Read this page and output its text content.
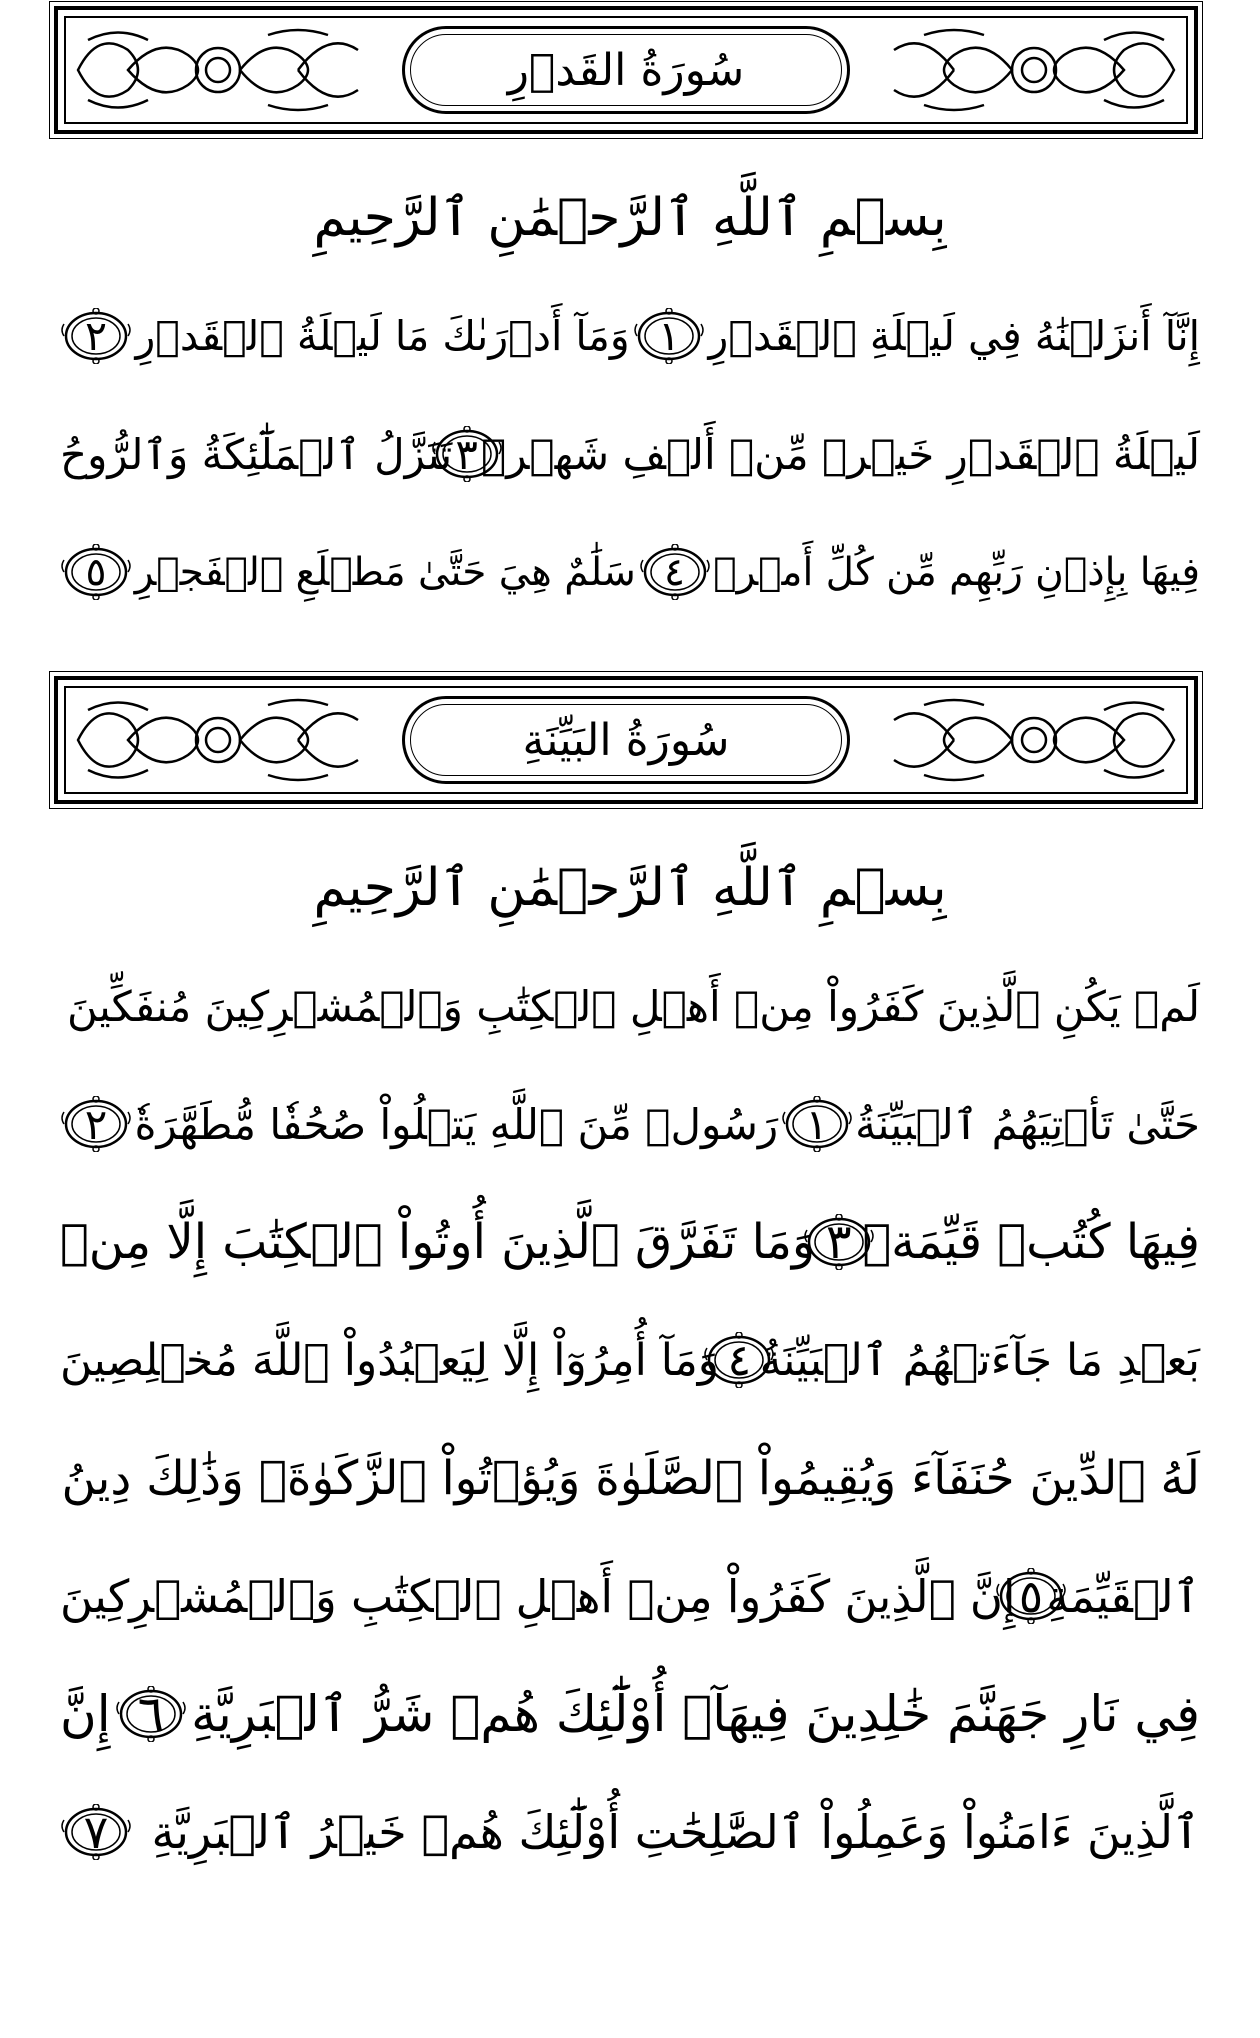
سُورَةُ القَدۡرِ
بِسۡمِ ٱللَّهِ ٱلرَّحۡمَٰنِ ٱلرَّحِيمِ
إِنَّآ أَنزَلۡنَٰهُ فِي لَيۡلَةِ ٱلۡقَدۡرِ
١
وَمَآ أَدۡرَىٰكَ مَا لَيۡلَةُ ٱلۡقَدۡرِ
٢
لَيۡلَةُ ٱلۡقَدۡرِ خَيۡرٞ مِّنۡ أَلۡفِ شَهۡرٖ
٣
تَنَزَّلُ ٱلۡمَلَٰٓئِكَةُ وَٱلرُّوحُ
فِيهَا بِإِذۡنِ رَبِّهِم مِّن كُلِّ أَمۡرٖ
٤
سَلَٰمٌ هِيَ حَتَّىٰ مَطۡلَعِ ٱلۡفَجۡرِ
٥
سُورَةُ البَيِّنَةِ
بِسۡمِ ٱللَّهِ ٱلرَّحۡمَٰنِ ٱلرَّحِيمِ
لَمۡ يَكُنِ ٱلَّذِينَ كَفَرُواْ مِنۡ أَهۡلِ ٱلۡكِتَٰبِ وَٱلۡمُشۡرِكِينَ مُنفَكِّينَ
حَتَّىٰ تَأۡتِيَهُمُ ٱلۡبَيِّنَةُ
١
رَسُولٞ مِّنَ ٱللَّهِ يَتۡلُواْ صُحُفٗا مُّطَهَّرَةٗ
٢
فِيهَا كُتُبٞ قَيِّمَةٞ
٣
وَمَا تَفَرَّقَ ٱلَّذِينَ أُوتُواْ ٱلۡكِتَٰبَ إِلَّا مِنۢ
بَعۡدِ مَا جَآءَتۡهُمُ ٱلۡبَيِّنَةُ
٤
وَمَآ أُمِرُوٓاْ إِلَّا لِيَعۡبُدُواْ ٱللَّهَ مُخۡلِصِينَ
لَهُ ٱلدِّينَ حُنَفَآءَ وَيُقِيمُواْ ٱلصَّلَوٰةَ وَيُؤۡتُواْ ٱلزَّكَوٰةَۚ وَذَٰلِكَ دِينُ
ٱلۡقَيِّمَةِ
٥
إِنَّ ٱلَّذِينَ كَفَرُواْ مِنۡ أَهۡلِ ٱلۡكِتَٰبِ وَٱلۡمُشۡرِكِينَ
فِي نَارِ جَهَنَّمَ خَٰلِدِينَ فِيهَآۚ أُوْلَٰٓئِكَ هُمۡ شَرُّ ٱلۡبَرِيَّةِ
٦
إِنَّ
ٱلَّذِينَ ءَامَنُواْ وَعَمِلُواْ ٱلصَّٰلِحَٰتِ أُوْلَٰٓئِكَ هُمۡ خَيۡرُ ٱلۡبَرِيَّةِ
٧
